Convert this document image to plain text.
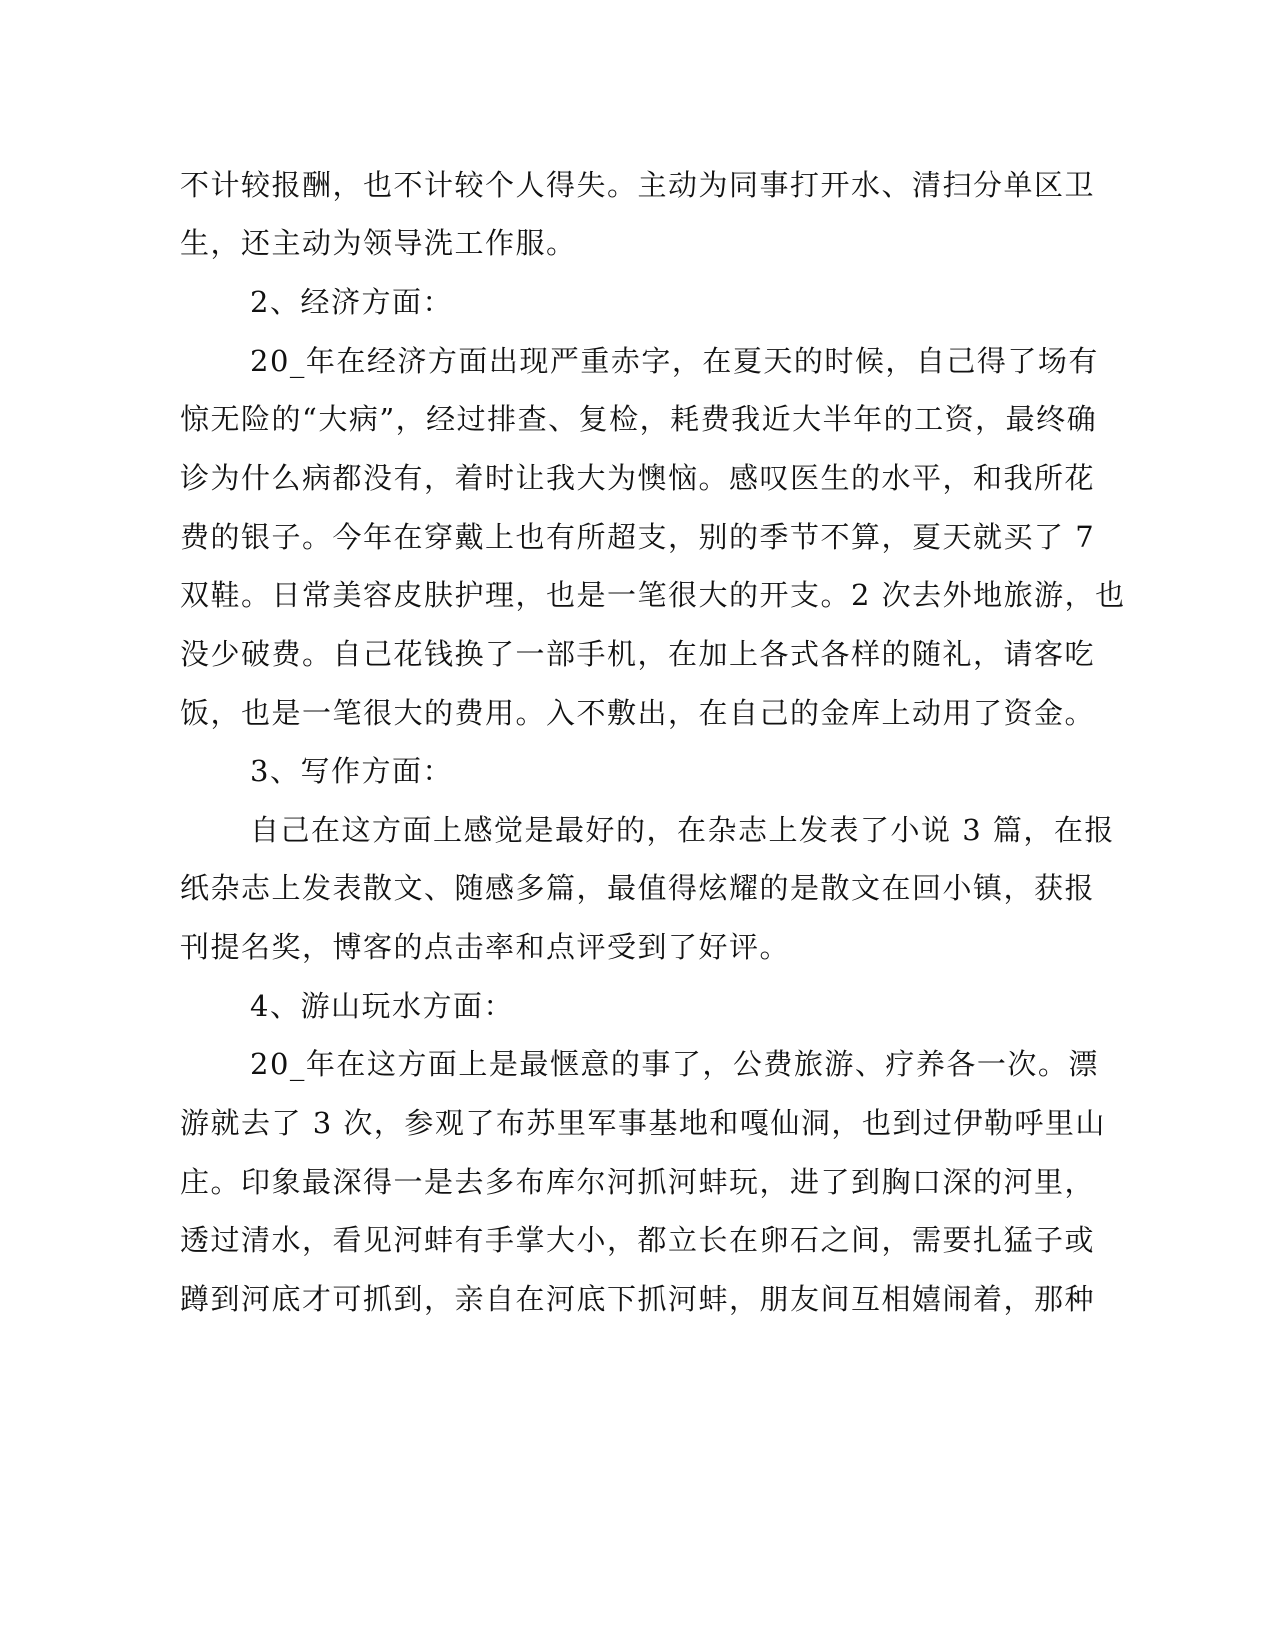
不计较报酬，也不计较个人得失。主动为同事打开水、清扫分单区卫
生，还主动为领导洗工作服。
2、经济方面：
20_年在经济方面出现严重赤字，在夏天的时候，自己得了场有
惊无险的“大病”，经过排查、复检，耗费我近大半年的工资，最终确
诊为什么病都没有，着时让我大为懊恼。感叹医生的水平，和我所花
费的银子。今年在穿戴上也有所超支，别的季节不算，夏天就买了 7
双鞋。日常美容皮肤护理，也是一笔很大的开支。2 次去外地旅游，也
没少破费。自己花钱换了一部手机，在加上各式各样的随礼，请客吃
饭，也是一笔很大的费用。入不敷出，在自己的金库上动用了资金。
3、写作方面：
自己在这方面上感觉是最好的，在杂志上发表了小说 3 篇，在报
纸杂志上发表散文、随感多篇，最值得炫耀的是散文在回小镇，获报
刊提名奖，博客的点击率和点评受到了好评。
4、游山玩水方面：
20_年在这方面上是最惬意的事了，公费旅游、疗养各一次。漂
游就去了 3 次，参观了布苏里军事基地和嘎仙洞，也到过伊勒呼里山
庄。印象最深得一是去多布库尔河抓河蚌玩，进了到胸口深的河里，
透过清水，看见河蚌有手掌大小，都立长在卵石之间，需要扎猛子或
蹲到河底才可抓到，亲自在河底下抓河蚌，朋友间互相嬉闹着，那种
